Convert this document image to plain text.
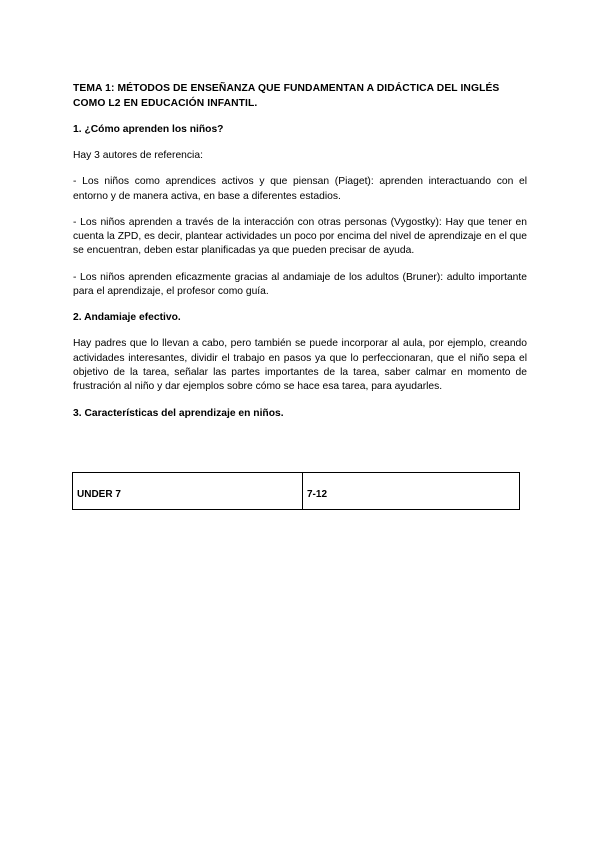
TEMA 1: MÉTODOS DE ENSEÑANZA QUE FUNDAMENTAN A DIDÁCTICA DEL INGLÉS COMO L2 EN EDUCACIÓN INFANTIL.

1. ¿Cómo aprenden los niños?

Hay 3 autores de referencia:

- Los niños como aprendices activos y que piensan (Piaget): aprenden interactuando con el entorno y de manera activa, en base a diferentes estadios.

- Los niños aprenden a través de la interacción con otras personas (Vygostky): Hay que tener en cuenta la ZPD, es decir, plantear actividades un poco por encima del nivel de aprendizaje en el que se encuentran, deben estar planificadas ya que pueden precisar de ayuda.

- Los niños aprenden eficazmente gracias al andamiaje de los adultos (Bruner): adulto importante para el aprendizaje, el profesor como guía.

2. Andamiaje efectivo.

Hay padres que lo llevan a cabo, pero también se puede incorporar al aula, por ejemplo, creando actividades interesantes, dividir el trabajo en pasos ya que lo perfeccionaran, que el niño sepa el objetivo de la tarea, señalar las partes importantes de la tarea, saber calmar en momento de frustración al niño y dar ejemplos sobre cómo se hace esa tarea, para ayudarles.

3. Características del aprendizaje en niños.

UNDER 7	7-12
